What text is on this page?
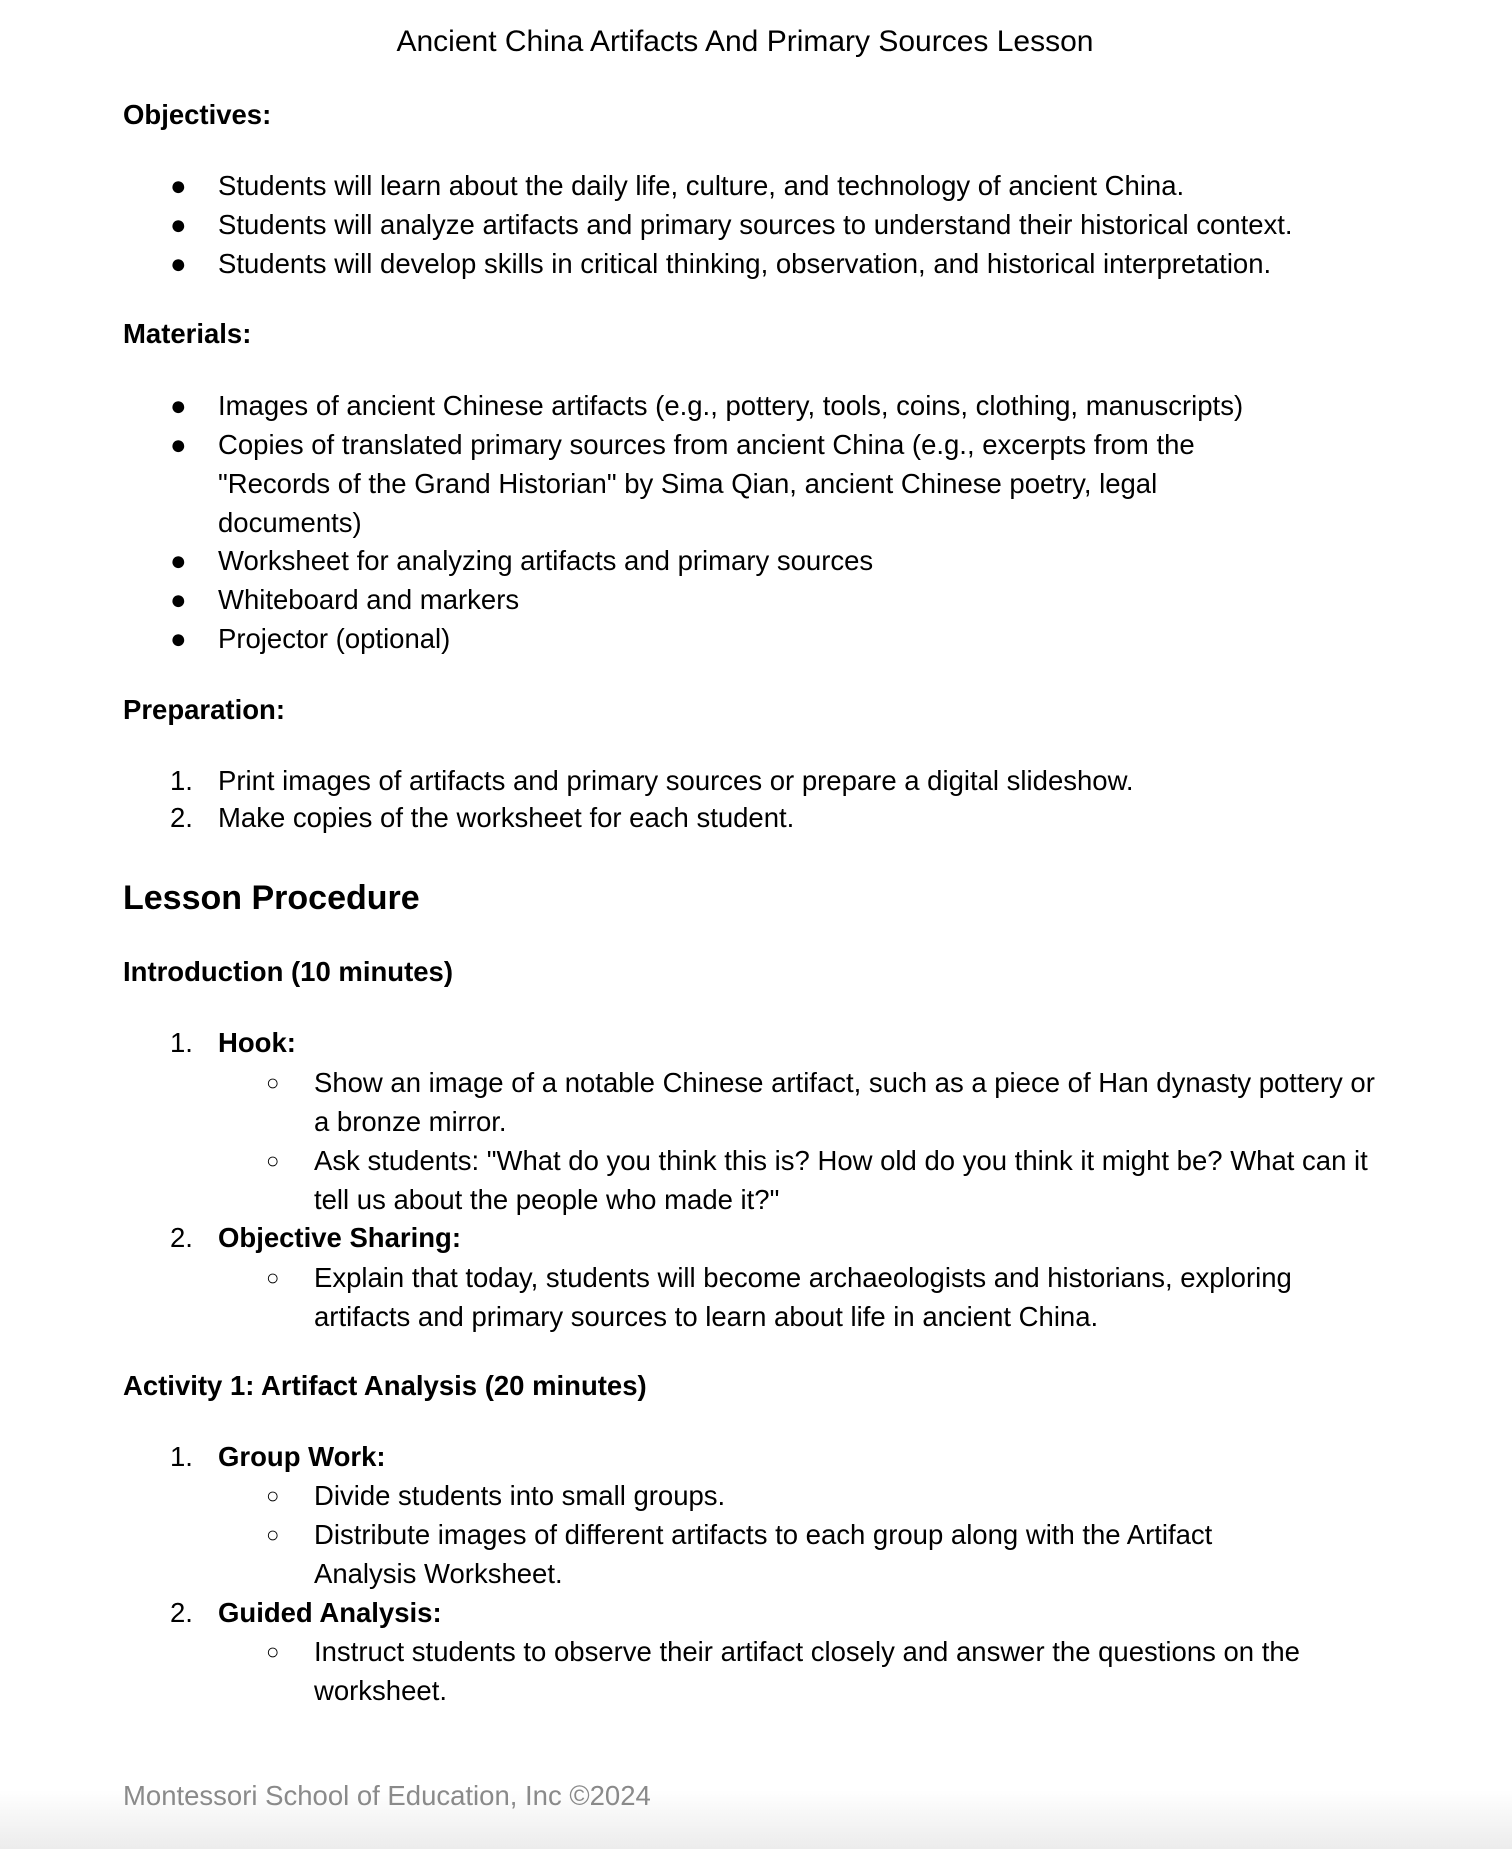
Ancient China Artifacts And Primary Sources Lesson
Objectives:
●	Students will learn about the daily life, culture, and technology of ancient China.
●	Students will analyze artifacts and primary sources to understand their historical context.
●	Students will develop skills in critical thinking, observation, and historical interpretation.
Materials:
●	Images of ancient Chinese artifacts (e.g., pottery, tools, coins, clothing, manuscripts)
●	Copies of translated primary sources from ancient China (e.g., excerpts from the "Records of the Grand Historian" by Sima Qian, ancient Chinese poetry, legal documents)
●	Worksheet for analyzing artifacts and primary sources
●	Whiteboard and markers
●	Projector (optional)
Preparation:
1. Print images of artifacts and primary sources or prepare a digital slideshow.
2. Make copies of the worksheet for each student.
Lesson Procedure
Introduction (10 minutes)
1. Hook:
○ Show an image of a notable Chinese artifact, such as a piece of Han dynasty pottery or a bronze mirror.
○ Ask students: "What do you think this is? How old do you think it might be? What can it tell us about the people who made it?"
2. Objective Sharing:
○ Explain that today, students will become archaeologists and historians, exploring artifacts and primary sources to learn about life in ancient China.
Activity 1: Artifact Analysis (20 minutes)
1. Group Work:
○ Divide students into small groups.
○ Distribute images of different artifacts to each group along with the Artifact Analysis Worksheet.
2. Guided Analysis:
○ Instruct students to observe their artifact closely and answer the questions on the worksheet.
Montessori School of Education, Inc ©2024
